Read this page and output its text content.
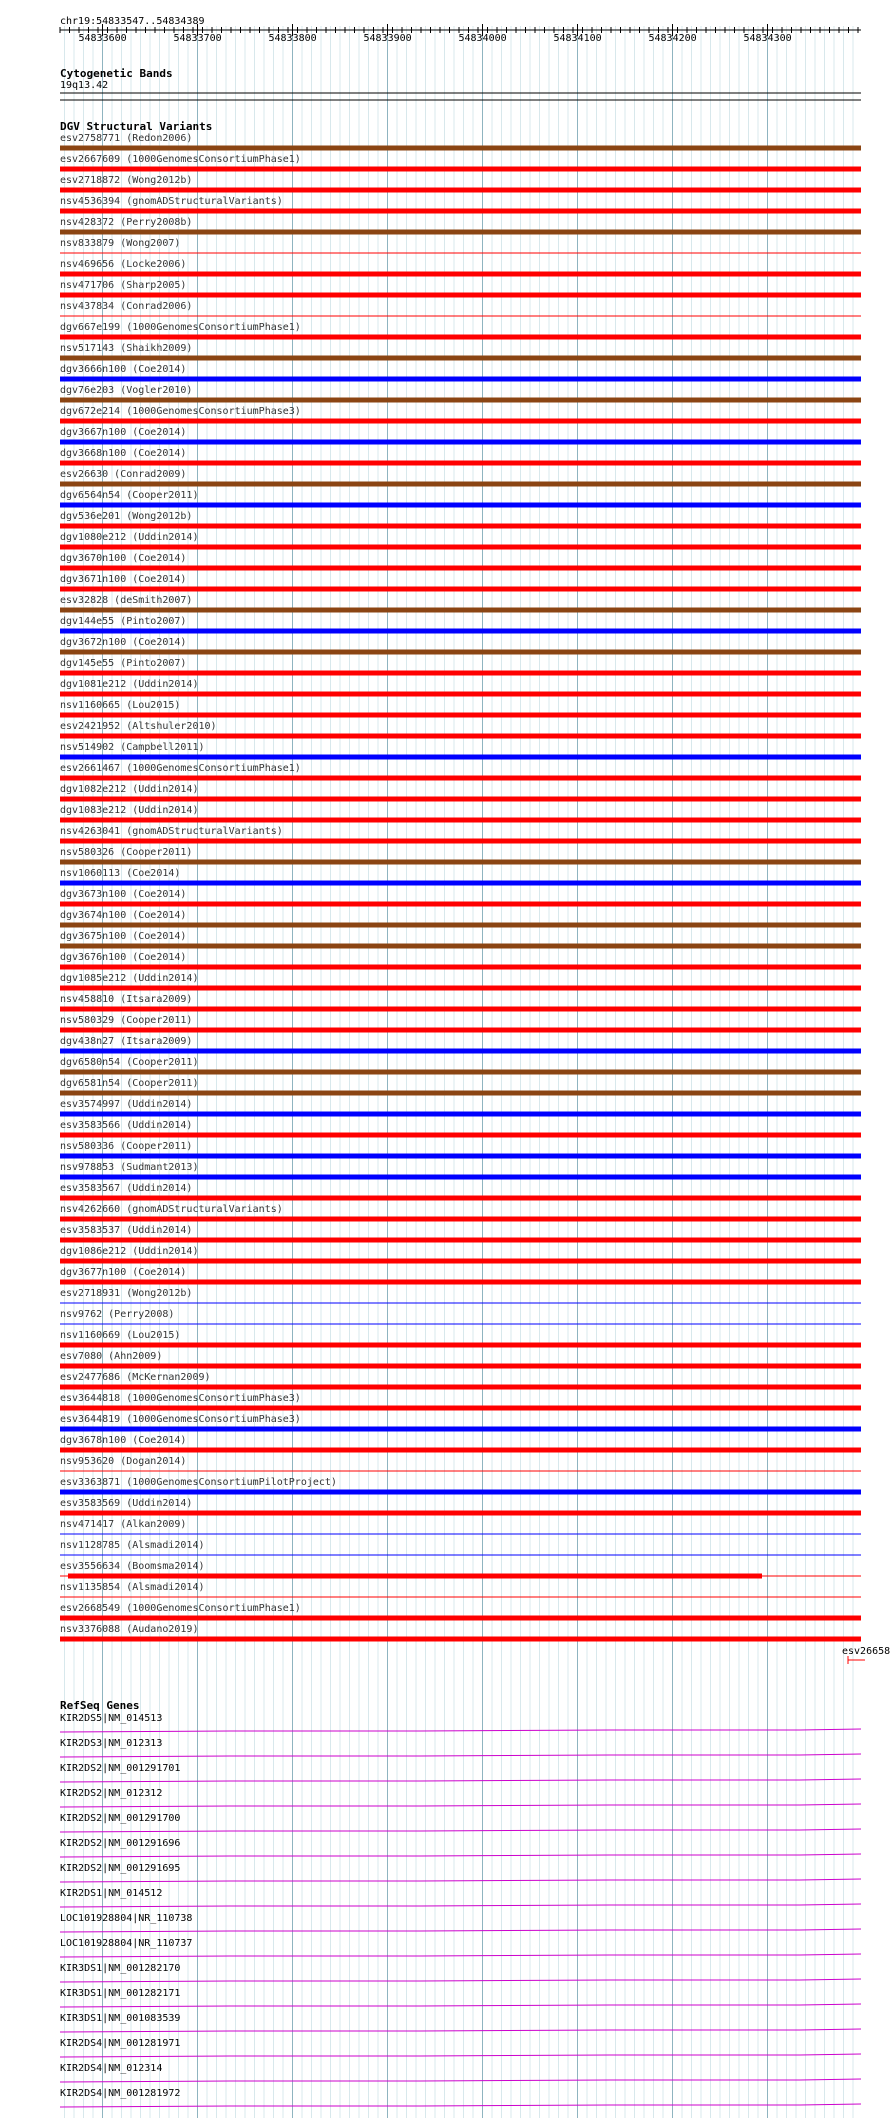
chr19:54833547..54834389
54833600	54833700	54833800	54833900	54834000	54834100	54834200	54834300
Cytogenetic Bands
19q13.42
DGV Structural Variants
esv2758771 (Redon2006)
esv2667609 (1000GenomesConsortiumPhase1)
esv2718872 (Wong2012b)
nsv4536394 (gnomADStructuralVariants)
nsv428372 (Perry2008b)
nsv833879 (Wong2007)
nsv469656 (Locke2006)
nsv471706 (Sharp2005)
nsv437834 (Conrad2006)
dgv667e199 (1000GenomesConsortiumPhase1)
nsv517143 (Shaikh2009)
dgv3666n100 (Coe2014)
dgv76e203 (Vogler2010)
dgv672e214 (1000GenomesConsortiumPhase3)
dgv3667n100 (Coe2014)
dgv3668n100 (Coe2014)
esv26630 (Conrad2009)
dgv6564n54 (Cooper2011)
dgv536e201 (Wong2012b)
dgv1080e212 (Uddin2014)
dgv3670n100 (Coe2014)
dgv3671n100 (Coe2014)
esv32828 (deSmith2007)
dgv144e55 (Pinto2007)
dgv3672n100 (Coe2014)
dgv145e55 (Pinto2007)
dgv1081e212 (Uddin2014)
nsv1160665 (Lou2015)
esv2421952 (Altshuler2010)
nsv514902 (Campbell2011)
esv2661467 (1000GenomesConsortiumPhase1)
dgv1082e212 (Uddin2014)
dgv1083e212 (Uddin2014)
nsv4263041 (gnomADStructuralVariants)
nsv580326 (Cooper2011)
nsv1060113 (Coe2014)
dgv3673n100 (Coe2014)
dgv3674n100 (Coe2014)
dgv3675n100 (Coe2014)
dgv3676n100 (Coe2014)
dgv1085e212 (Uddin2014)
nsv458810 (Itsara2009)
nsv580329 (Cooper2011)
dgv438n27 (Itsara2009)
dgv6580n54 (Cooper2011)
dgv6581n54 (Cooper2011)
esv3574997 (Uddin2014)
esv3583566 (Uddin2014)
nsv580336 (Cooper2011)
nsv978853 (Sudmant2013)
esv3583567 (Uddin2014)
nsv4262660 (gnomADStructuralVariants)
esv3583537 (Uddin2014)
dgv1086e212 (Uddin2014)
dgv3677n100 (Coe2014)
esv2718931 (Wong2012b)
nsv9762 (Perry2008)
nsv1160669 (Lou2015)
esv7080 (Ahn2009)
esv2477686 (McKernan2009)
esv3644818 (1000GenomesConsortiumPhase3)
esv3644819 (1000GenomesConsortiumPhase3)
dgv3678n100 (Coe2014)
nsv953620 (Dogan2014)
esv3363871 (1000GenomesConsortiumPilotProject)
esv3583569 (Uddin2014)
nsv471417 (Alkan2009)
nsv1128785 (Alsmadi2014)
esv3556634 (Boomsma2014)
nsv1135854 (Alsmadi2014)
esv2668549 (1000GenomesConsortiumPhase1)
nsv3376088 (Audano2019)
esv26658
RefSeq Genes
KIR2DS5|NM_014513
KIR2DS3|NM_012313
KIR2DS2|NM_001291701
KIR2DS2|NM_012312
KIR2DS2|NM_001291700
KIR2DS2|NM_001291696
KIR2DS2|NM_001291695
KIR2DS1|NM_014512
LOC101928804|NR_110738
LOC101928804|NR_110737
KIR3DS1|NM_001282170
KIR3DS1|NM_001282171
KIR3DS1|NM_001083539
KIR2DS4|NM_001281971
KIR2DS4|NM_012314
KIR2DS4|NM_001281972
